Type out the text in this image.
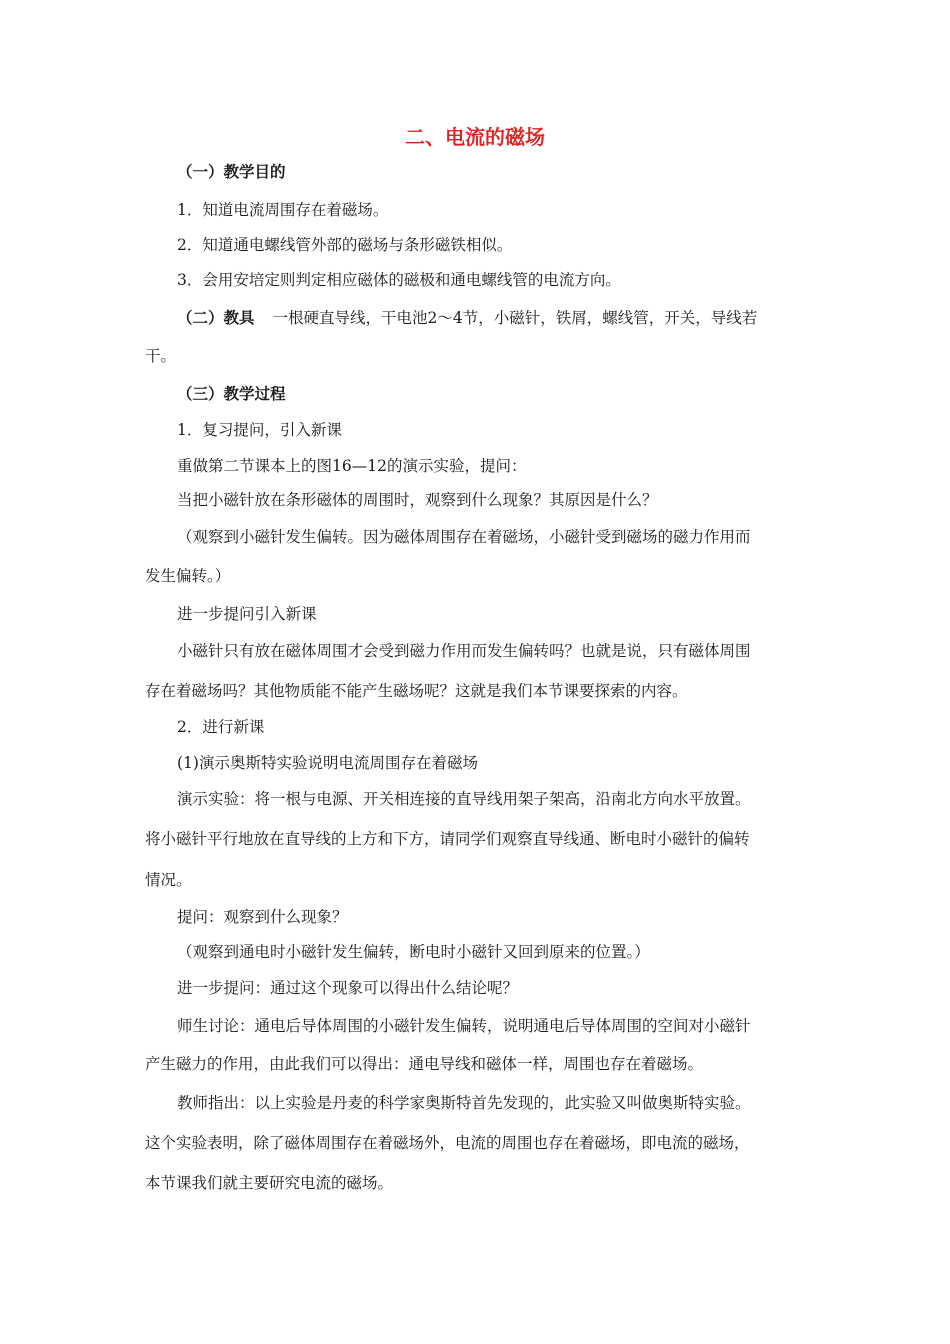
二、电流的磁场
（一）教学目的
1．知道电流周围存在着磁场。
2．知道通电螺线管外部的磁场与条形磁铁相似。
3．会用安培定则判定相应磁体的磁极和通电螺线管的电流方向。
（二）教具 一根硬直导线，干电池2～4节，小磁针，铁屑，螺线管，开关，导线若
干。
（三）教学过程
1．复习提问，引入新课
重做第二节课本上的图16—12的演示实验，提问：
当把小磁针放在条形磁体的周围时，观察到什么现象？其原因是什么？
（观察到小磁针发生偏转。因为磁体周围存在着磁场，小磁针受到磁场的磁力作用而
发生偏转。）
进一步提问引入新课
小磁针只有放在磁体周围才会受到磁力作用而发生偏转吗？也就是说，只有磁体周围
存在着磁场吗？其他物质能不能产生磁场呢？这就是我们本节课要探索的内容。
2．进行新课
(1)演示奥斯特实验说明电流周围存在着磁场
演示实验：将一根与电源、开关相连接的直导线用架子架高，沿南北方向水平放置。
将小磁针平行地放在直导线的上方和下方，请同学们观察直导线通、断电时小磁针的偏转
情况。
提问：观察到什么现象？
（观察到通电时小磁针发生偏转，断电时小磁针又回到原来的位置。）
进一步提问：通过这个现象可以得出什么结论呢？
师生讨论：通电后导体周围的小磁针发生偏转，说明通电后导体周围的空间对小磁针
产生磁力的作用，由此我们可以得出：通电导线和磁体一样，周围也存在着磁场。
教师指出：以上实验是丹麦的科学家奥斯特首先发现的，此实验又叫做奥斯特实验。
这个实验表明，除了磁体周围存在着磁场外，电流的周围也存在着磁场，即电流的磁场，
本节课我们就主要研究电流的磁场。
